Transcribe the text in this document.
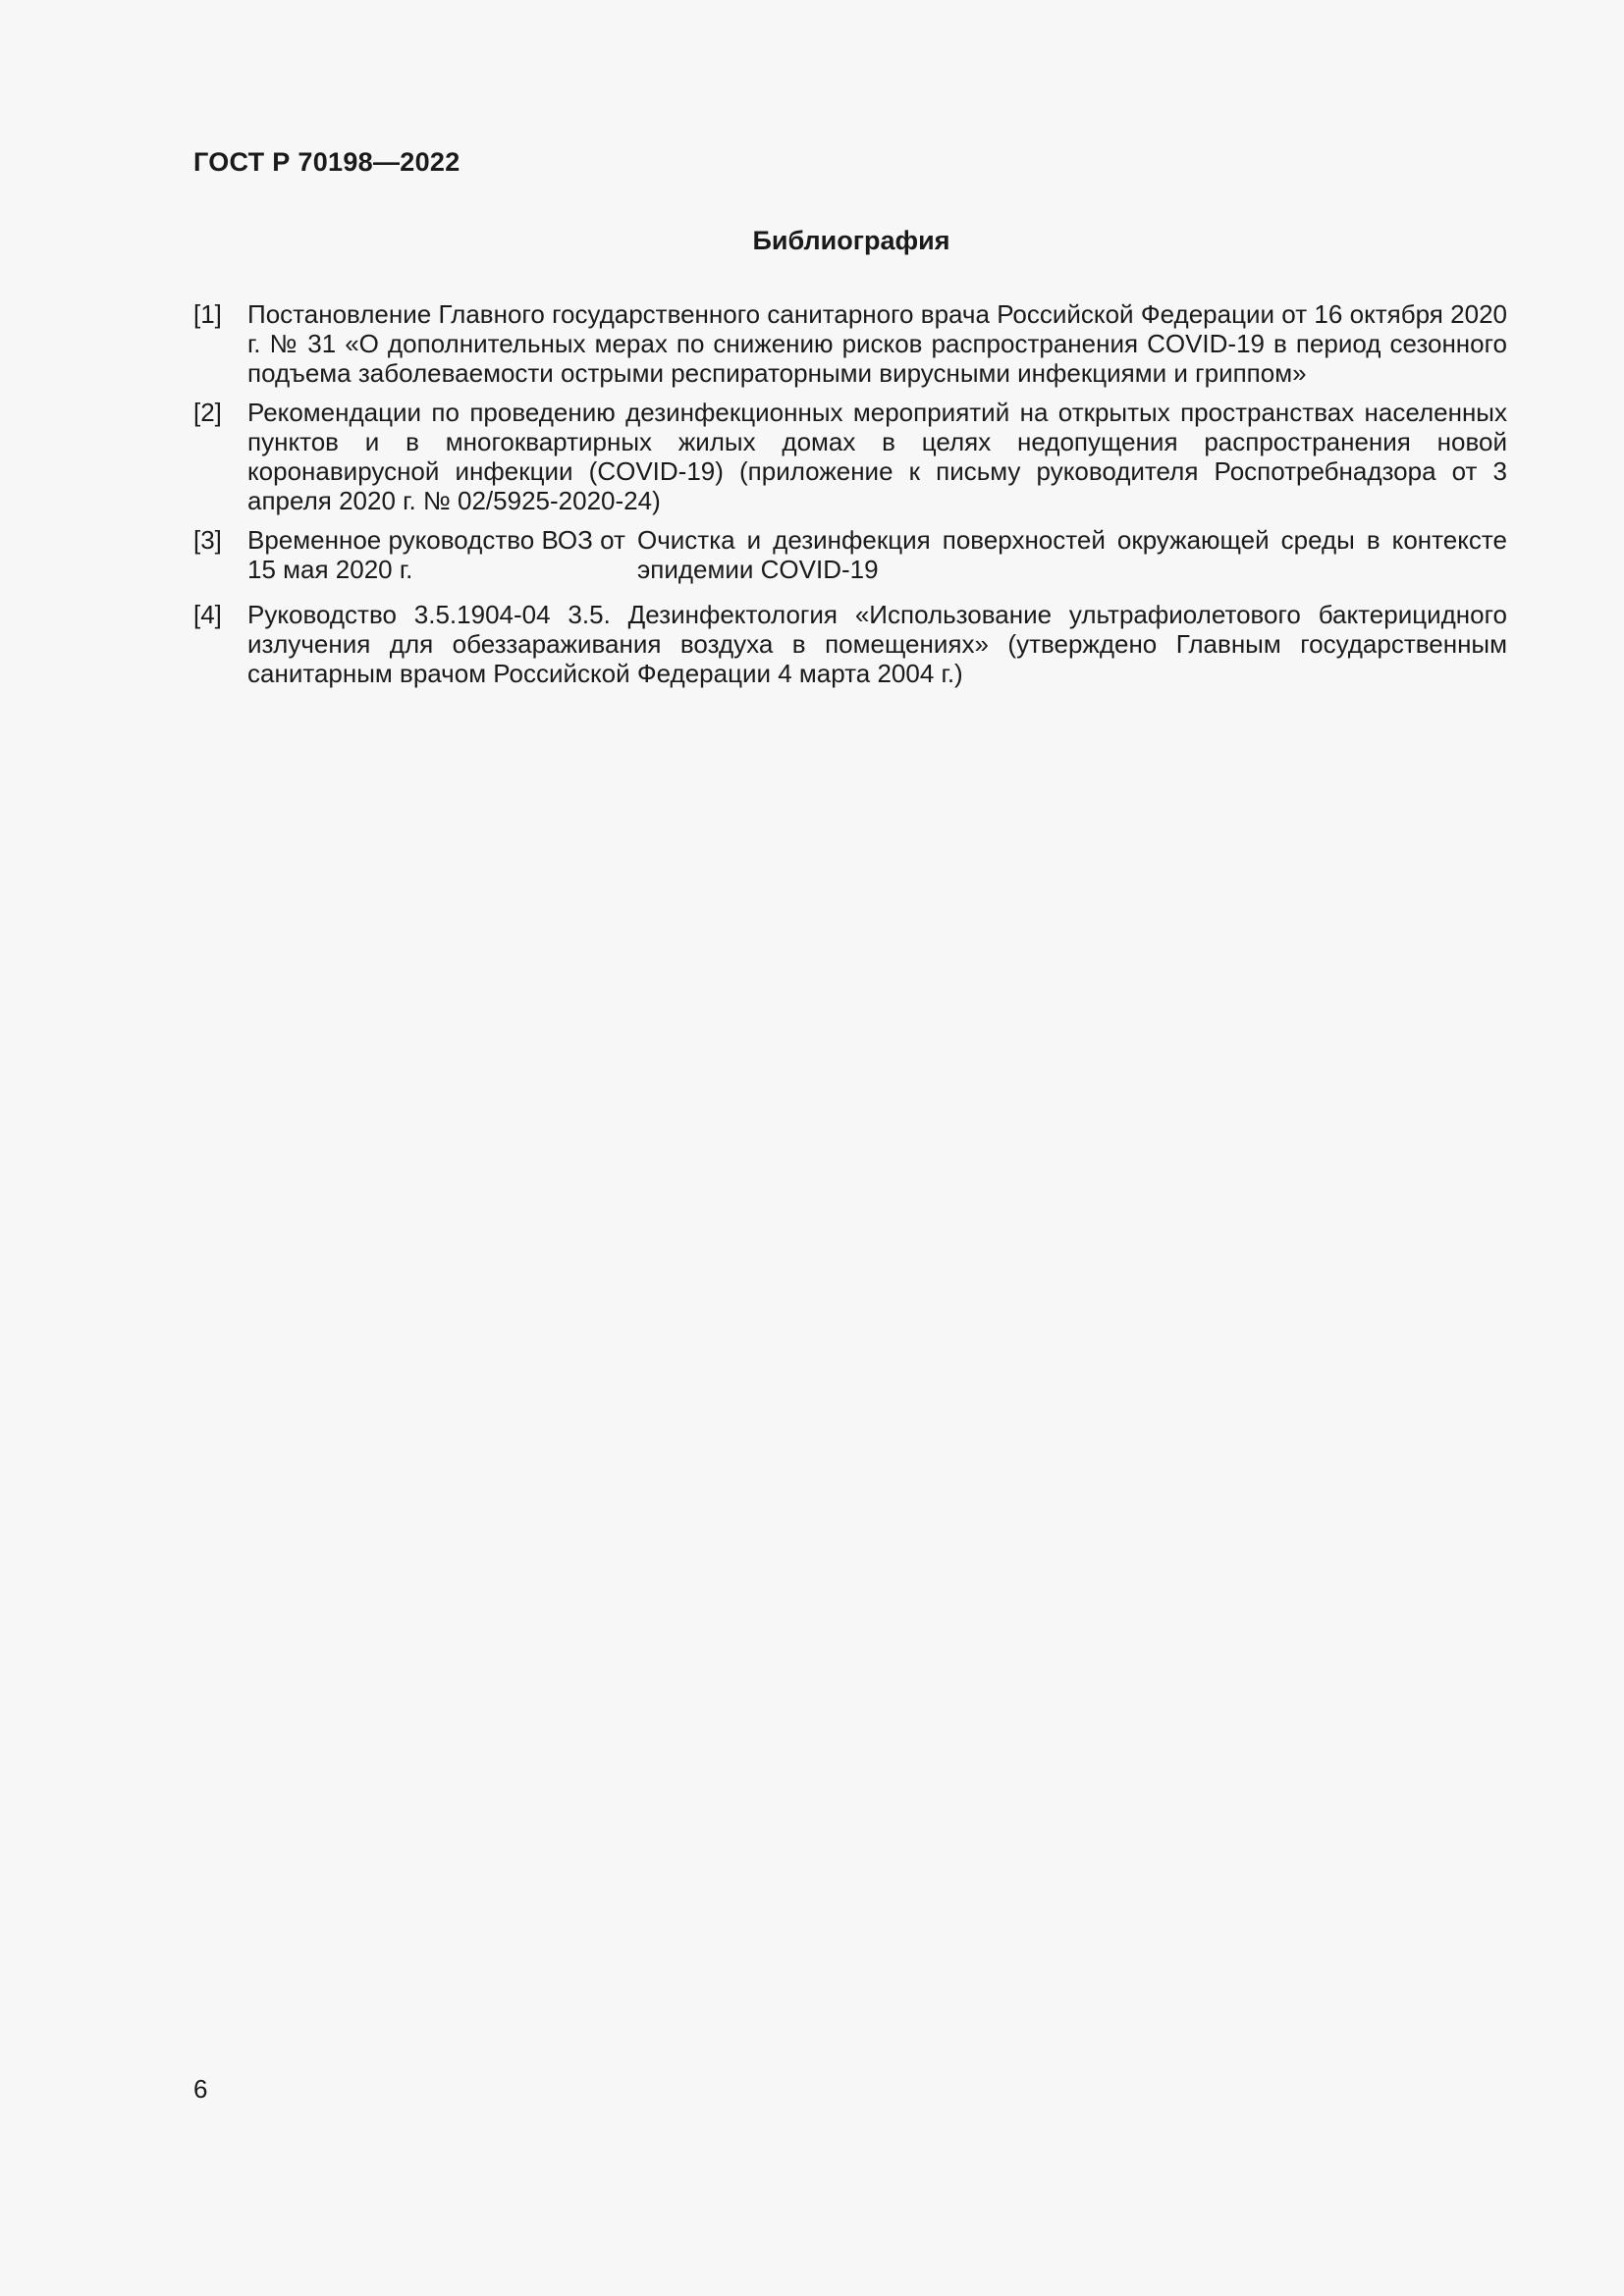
ГОСТ Р 70198—2022
Библиография
[1]	Постановление Главного государственного санитарного врача Российской Федерации от 16 октября 2020 г. № 31 «О дополнительных мерах по снижению рисков распространения COVID-19 в период сезонного подъема заболеваемости острыми респираторными вирусными инфекциями и гриппом»
[2]	Рекомендации по проведению дезинфекционных мероприятий на открытых пространствах населенных пунктов и в многоквартирных жилых домах в целях недопущения распространения новой коронавирусной инфекции (COVID-19) (приложение к письму руководителя Роспотребнадзора от 3 апреля 2020 г. № 02/5925-2020-24)
[3]	Временное руководство ВОЗ от 15 мая 2020 г.
Очистка и дезинфекция поверхностей окружающей среды в контексте эпидемии COVID-19
[4]	Руководство 3.5.1904-04 3.5. Дезинфектология «Использование ультрафиолетового бактерицидного излучения для обеззараживания воздуха в помещениях» (утверждено Главным государственным санитарным врачом Российской Федерации 4 марта 2004 г.)
6
